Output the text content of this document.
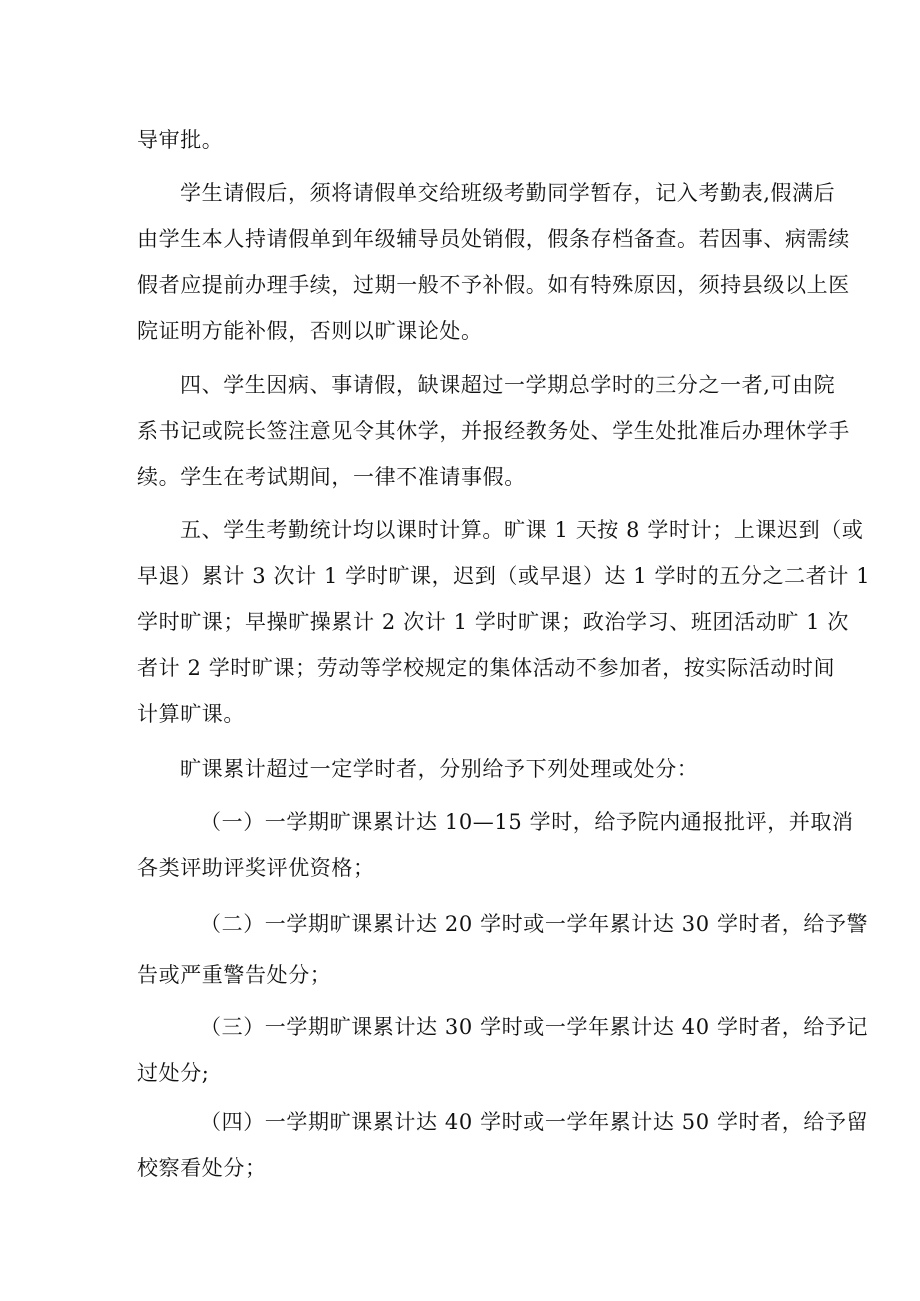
导审批。
学生请假后，须将请假单交给班级考勤同学暂存，记入考勤表,假满后
由学生本人持请假单到年级辅导员处销假，假条存档备查。若因事、病需续
假者应提前办理手续，过期一般不予补假。如有特殊原因，须持县级以上医
院证明方能补假，否则以旷课论处。
四、学生因病、事请假，缺课超过一学期总学时的三分之一者,可由院
系书记或院长签注意见令其休学，并报经教务处、学生处批准后办理休学手
续。学生在考试期间，一律不准请事假。
五、学生考勤统计均以课时计算。旷课 1 天按 8 学时计；上课迟到（或
早退）累计 3 次计 1 学时旷课，迟到（或早退）达 1 学时的五分之二者计 1
学时旷课；早操旷操累计 2 次计 1 学时旷课；政治学习、班团活动旷 1 次
者计 2 学时旷课；劳动等学校规定的集体活动不参加者，按实际活动时间
计算旷课。
旷课累计超过一定学时者，分别给予下列处理或处分：
（一）一学期旷课累计达 10—15 学时，给予院内通报批评，并取消
各类评助评奖评优资格；
（二）一学期旷课累计达 20 学时或一学年累计达 30 学时者，给予警
告或严重警告处分；
（三）一学期旷课累计达 30 学时或一学年累计达 40 学时者，给予记
过处分;
（四）一学期旷课累计达 40 学时或一学年累计达 50 学时者，给予留
校察看处分；
